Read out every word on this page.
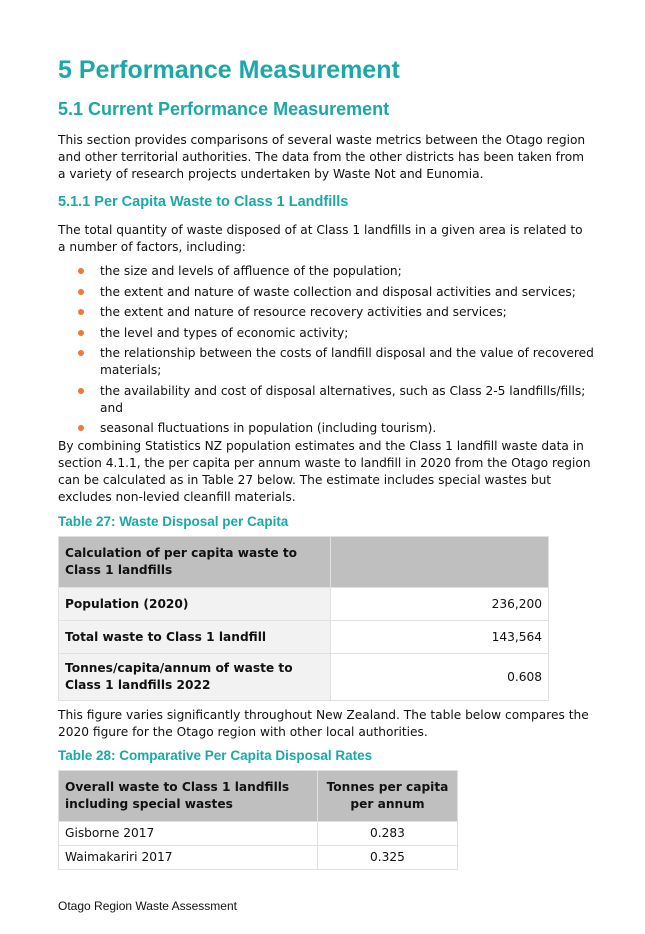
5 Performance Measurement
5.1 Current Performance Measurement
This section provides comparisons of several waste metrics between the Otago region and other territorial authorities. The data from the other districts has been taken from a variety of research projects undertaken by Waste Not and Eunomia.
5.1.1 Per Capita Waste to Class 1 Landfills
The total quantity of waste disposed of at Class 1 landfills in a given area is related to a number of factors, including:
the size and levels of affluence of the population;
the extent and nature of waste collection and disposal activities and services;
the extent and nature of resource recovery activities and services;
the level and types of economic activity;
the relationship between the costs of landfill disposal and the value of recovered materials;
the availability and cost of disposal alternatives, such as Class 2-5 landfills/fills; and
seasonal fluctuations in population (including tourism).
By combining Statistics NZ population estimates and the Class 1 landfill waste data in section 4.1.1, the per capita per annum waste to landfill in 2020 from the Otago region can be calculated as in Table 27 below. The estimate includes special wastes but excludes non-levied cleanfill materials.
Table 27: Waste Disposal per Capita
Calculation of per capita waste to Class 1 landfills	
Population (2020)	236,200
Total waste to Class 1 landfill	143,564
Tonnes/capita/annum of waste to Class 1 landfills 2022	0.608
This figure varies significantly throughout New Zealand. The table below compares the 2020 figure for the Otago region with other local authorities.
Table 28: Comparative Per Capita Disposal Rates
Overall waste to Class 1 landfills including special wastes	Tonnes per capita per annum
Gisborne 2017	0.283
Waimakariri 2017	0.325
Otago Region Waste Assessment
